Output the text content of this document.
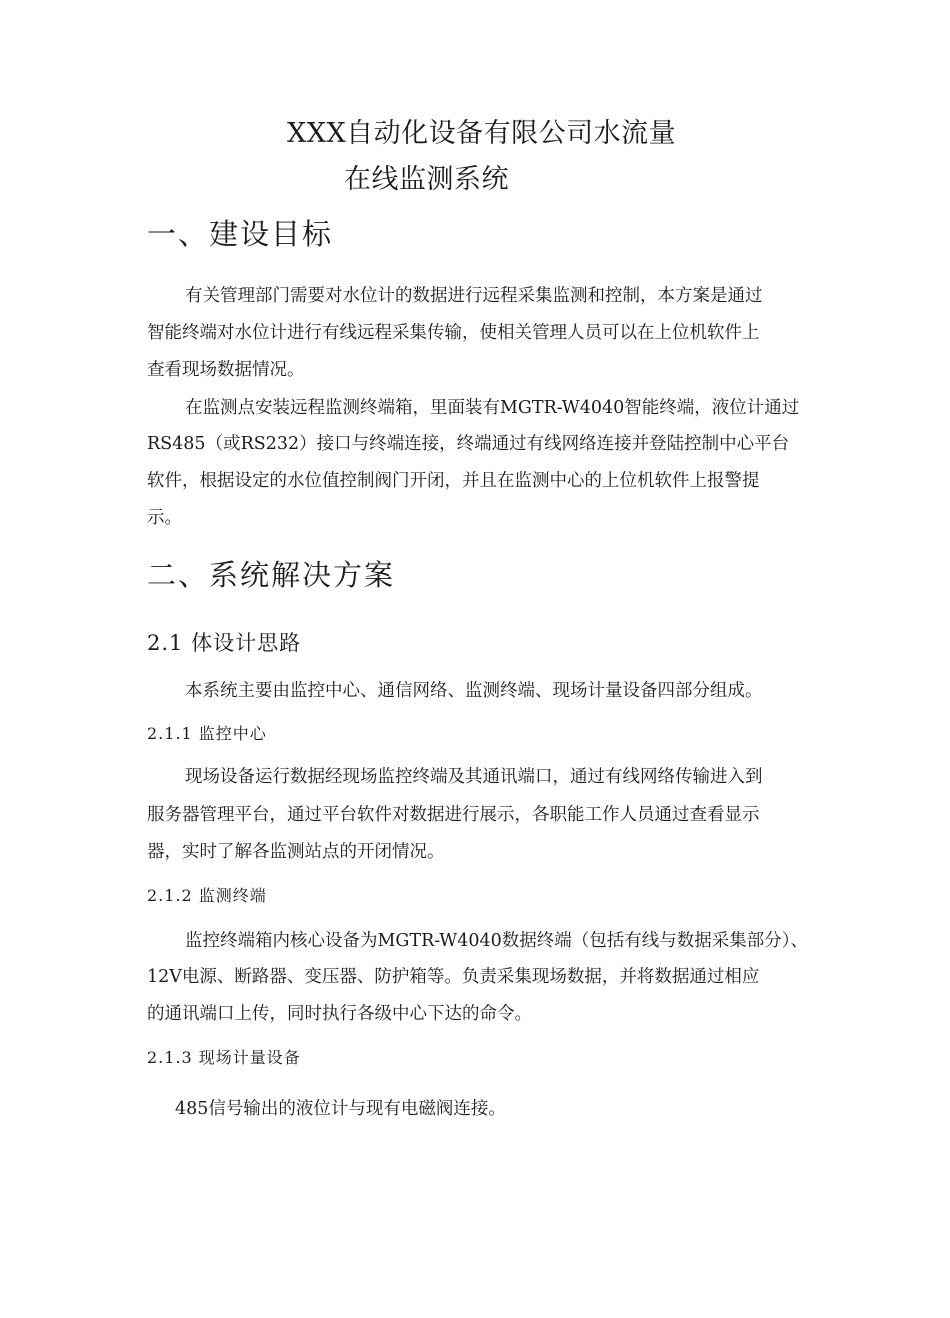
XXX自动化设备有限公司水流量
在线监测系统
一、建设目标
有关管理部门需要对水位计的数据进行远程采集监测和控制，本方案是通过
智能终端对水位计进行有线远程采集传输，使相关管理人员可以在上位机软件上
查看现场数据情况。
在监测点安装远程监测终端箱，里面装有MGTR-W4040智能终端，液位计通过
RS485（或RS232）接口与终端连接，终端通过有线网络连接并登陆控制中心平台
软件，根据设定的水位值控制阀门开闭，并且在监测中心的上位机软件上报警提
示。
二、系统解决方案
2.1 体设计思路
本系统主要由监控中心、通信网络、监测终端、现场计量设备四部分组成。
2.1.1 监控中心
现场设备运行数据经现场监控终端及其通讯端口，通过有线网络传输进入到
服务器管理平台，通过平台软件对数据进行展示，各职能工作人员通过查看显示
器，实时了解各监测站点的开闭情况。
2.1.2 监测终端
监控终端箱内核心设备为MGTR-W4040数据终端（包括有线与数据采集部分）、
12V电源、断路器、变压器、防护箱等。负责采集现场数据，并将数据通过相应
的通讯端口上传，同时执行各级中心下达的命令。
2.1.3 现场计量设备
485信号输出的液位计与现有电磁阀连接。
